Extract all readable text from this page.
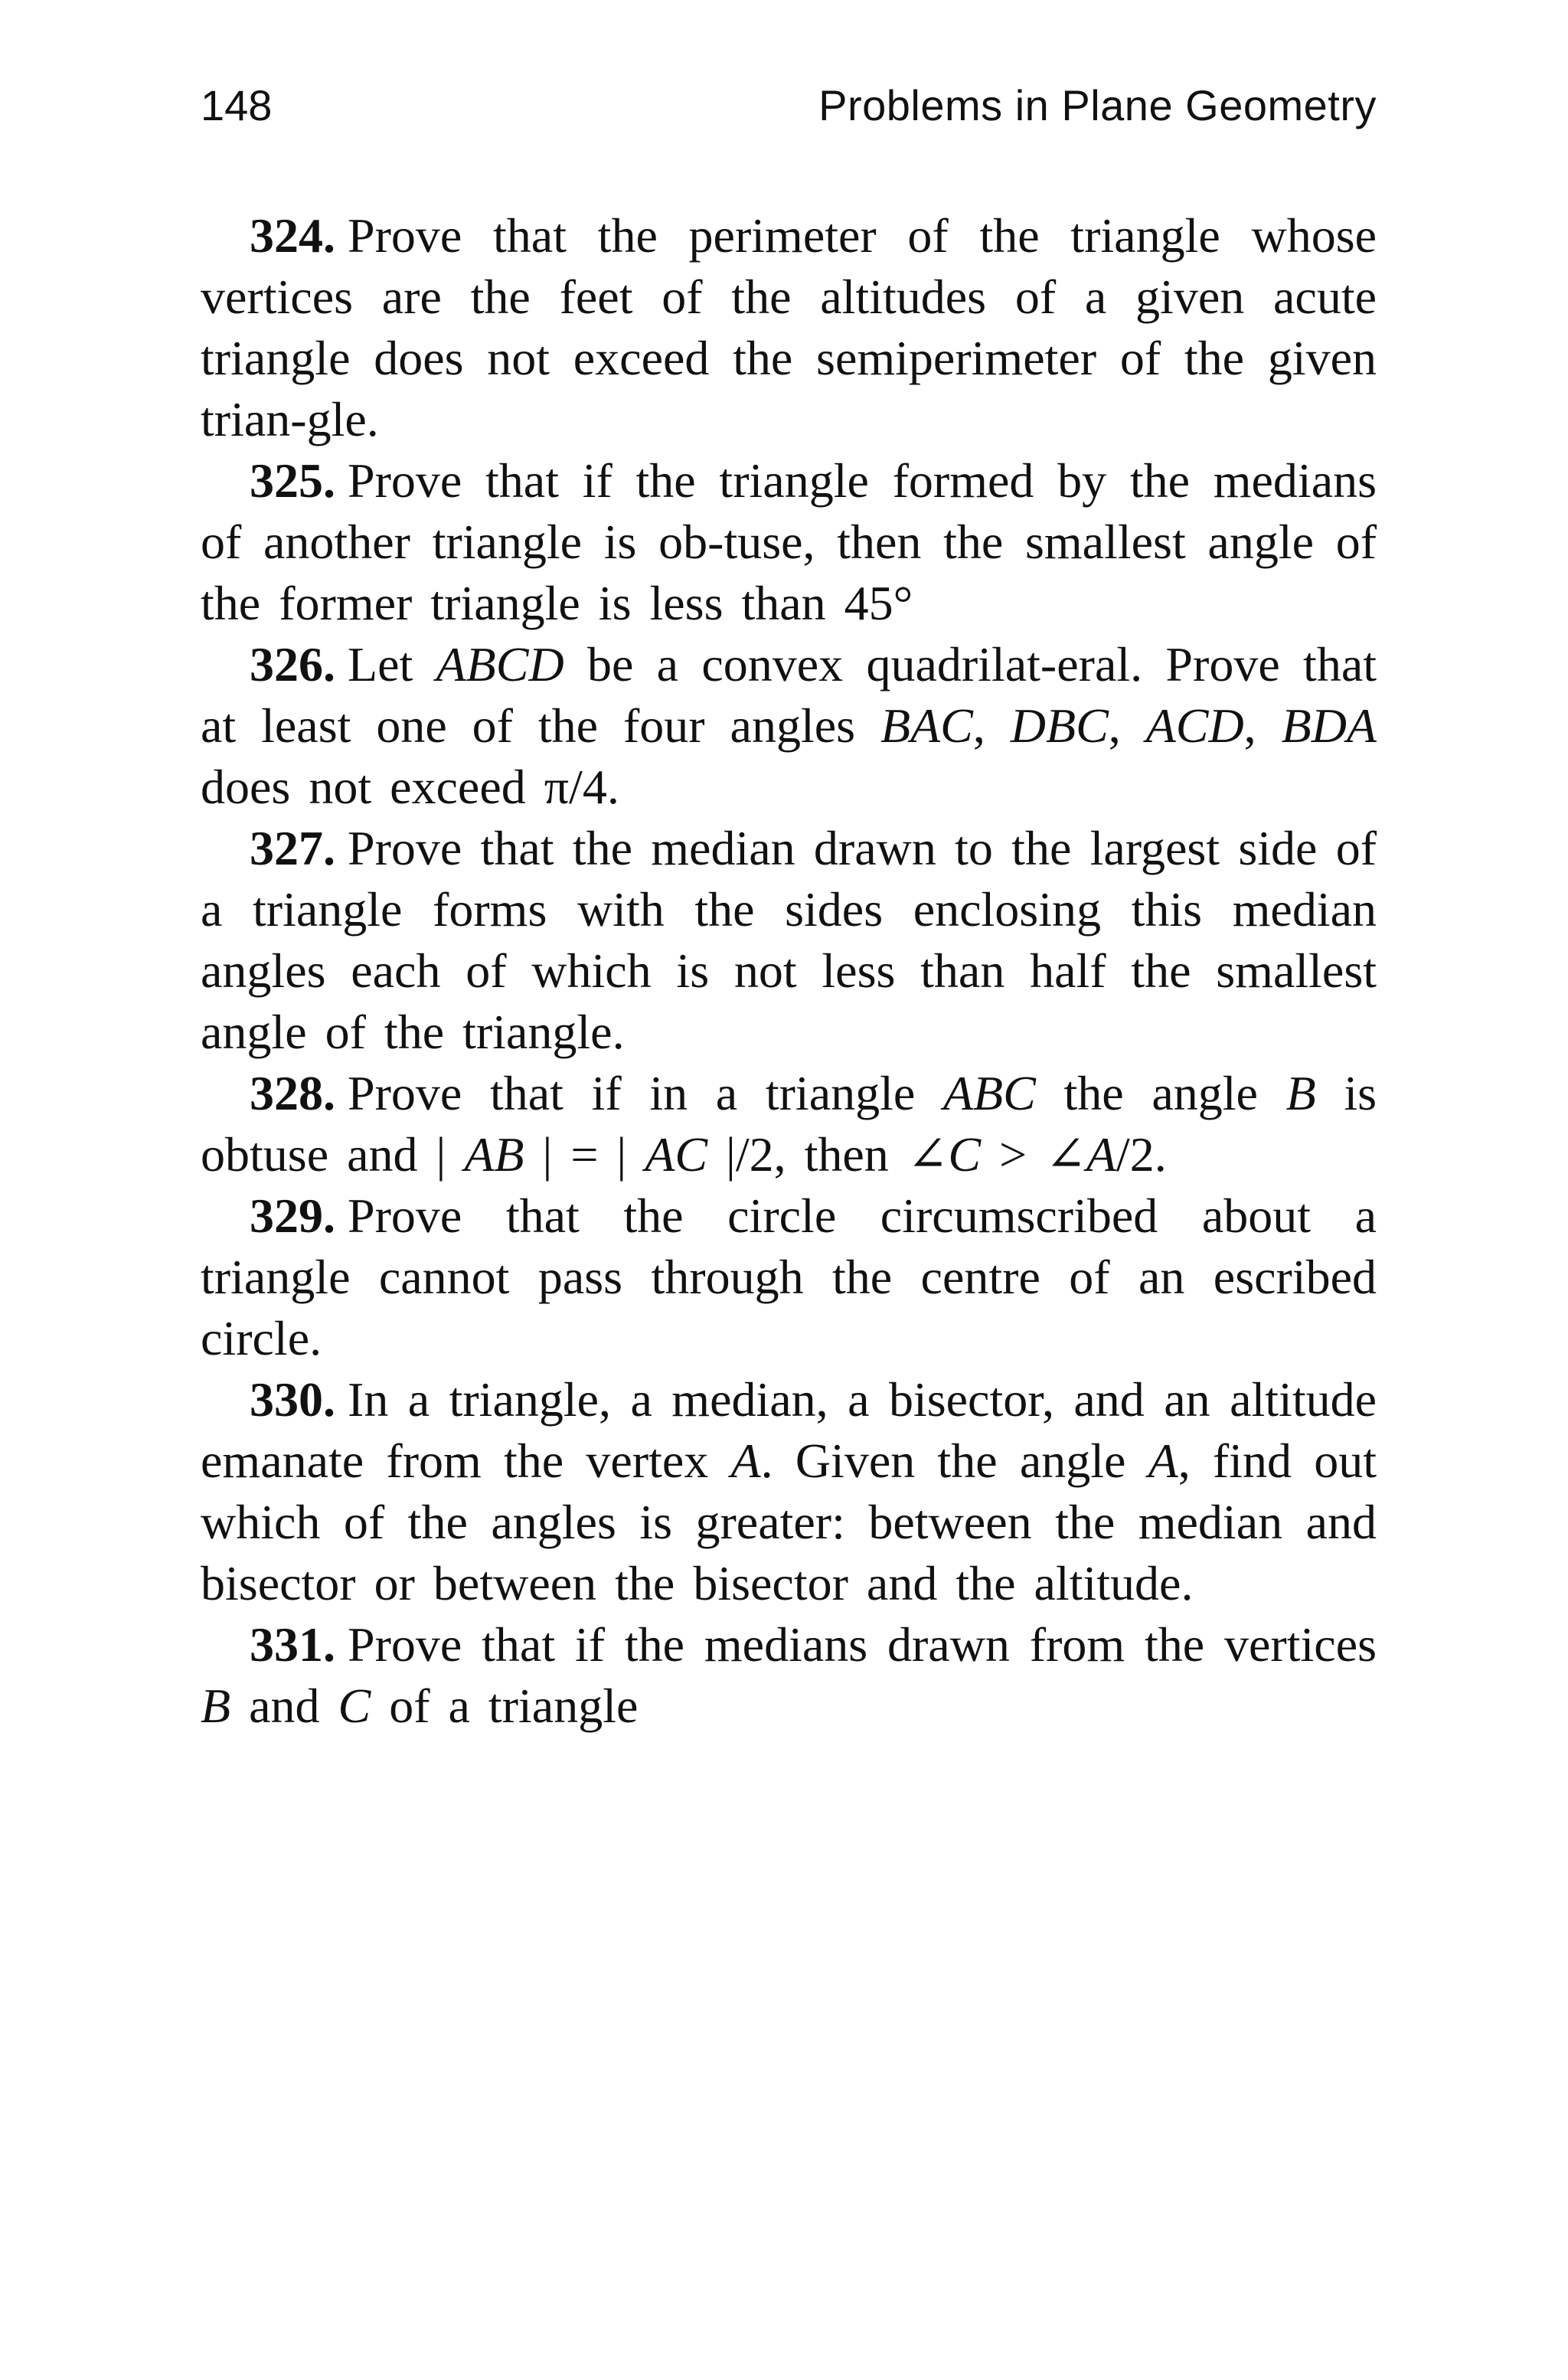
148	Problems in Plane Geometry

324. Prove that the perimeter of the triangle whose vertices are the feet of the altitudes of a given acute triangle does not exceed the semiperimeter of the given trian-gle.

325. Prove that if the triangle formed by the medians of another triangle is ob-tuse, then the smallest angle of the former triangle is less than 45°

326. Let ABCD be a convex quadrilat-eral. Prove that at least one of the four angles BAC, DBC, ACD, BDA does not exceed π/4.

327. Prove that the median drawn to the largest side of a triangle forms with the sides enclosing this median angles each of which is not less than half the smallest angle of the triangle.

328. Prove that if in a triangle ABC the angle B is obtuse and | AB | = | AC |/2, then ∠C > ∠A/2.

329. Prove that the circle circumscribed about a triangle cannot pass through the centre of an escribed circle.

330. In a triangle, a median, a bisector, and an altitude emanate from the vertex A. Given the angle A, find out which of the angles is greater: between the median and bisector or between the bisector and the altitude.

331. Prove that if the medians drawn from the vertices B and C of a triangle
